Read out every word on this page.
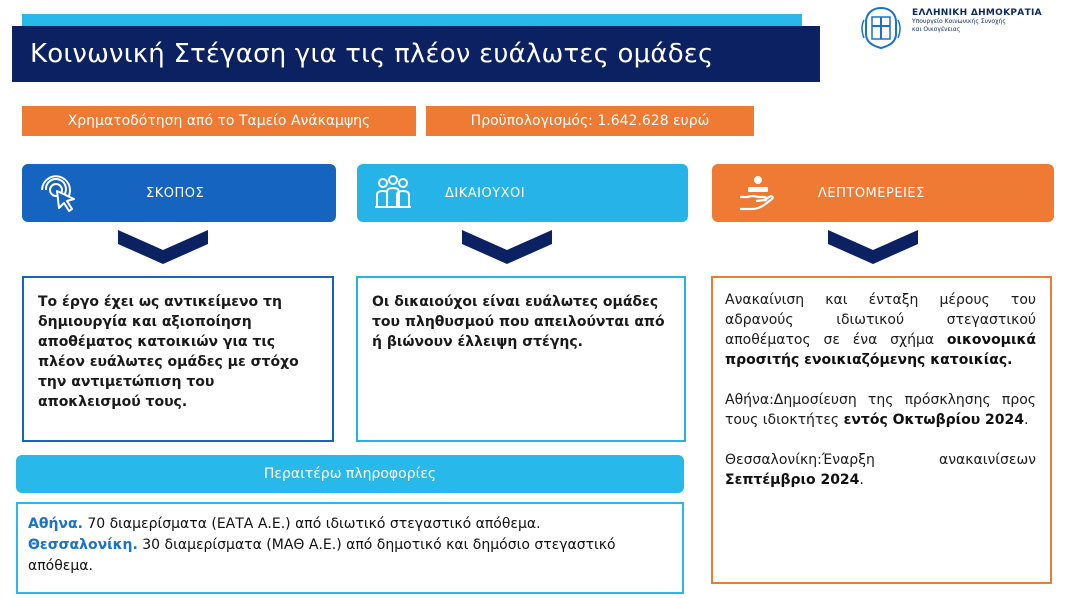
Κοινωνική Στέγαση για τις πλέον ευάλωτες ομάδες
ΕΛΛΗΝΙΚΗ ΔΗΜΟΚΡΑΤΙΑ
Υπουργείο Κοινωνικής Συνοχής
και Οικογένειας
Χρηματοδότηση από το Ταμείο Ανάκαμψης	Προϋπολογισμός: 1.642.628 ευρώ
ΣΚΟΠΟΣ	ΔΙΚΑΙΟΥΧΟΙ	ΛΕΠΤΟΜΕΡΕΙΕΣ
Το έργο έχει ως αντικείμενο τη δημιουργία και αξιοποίηση αποθέματος κατοικιών για τις πλέον ευάλωτες ομάδες με στόχο την αντιμετώπιση του αποκλεισμού τους.
Οι δικαιούχοι είναι ευάλωτες ομάδες του πληθυσμού που απειλούνται από ή βιώνουν έλλειψη στέγης.

Ανακαίνιση και ένταξη μέρους του αδρανούς ιδιωτικού στεγαστικού αποθέματος σε ένα σχήμα οικονομικά προσιτής ενοικιαζόμενης κατοικίας.

Αθήνα:Δημοσίευση της πρόσκλησης προς τους ιδιοκτήτες εντός Οκτωβρίου 2024.

Θεσσαλονίκη:Έναρξη ανακαινίσεων Σεπτέμβριο 2024.

Περαιτέρω πληροφορίες
Αθήνα. 70 διαμερίσματα (ΕΑΤΑ Α.Ε.) από ιδιωτικό στεγαστικό απόθεμα.
Θεσσαλονίκη. 30 διαμερίσματα (ΜΑΘ Α.Ε.) από δημοτικό και δημόσιο στεγαστικό απόθεμα.
